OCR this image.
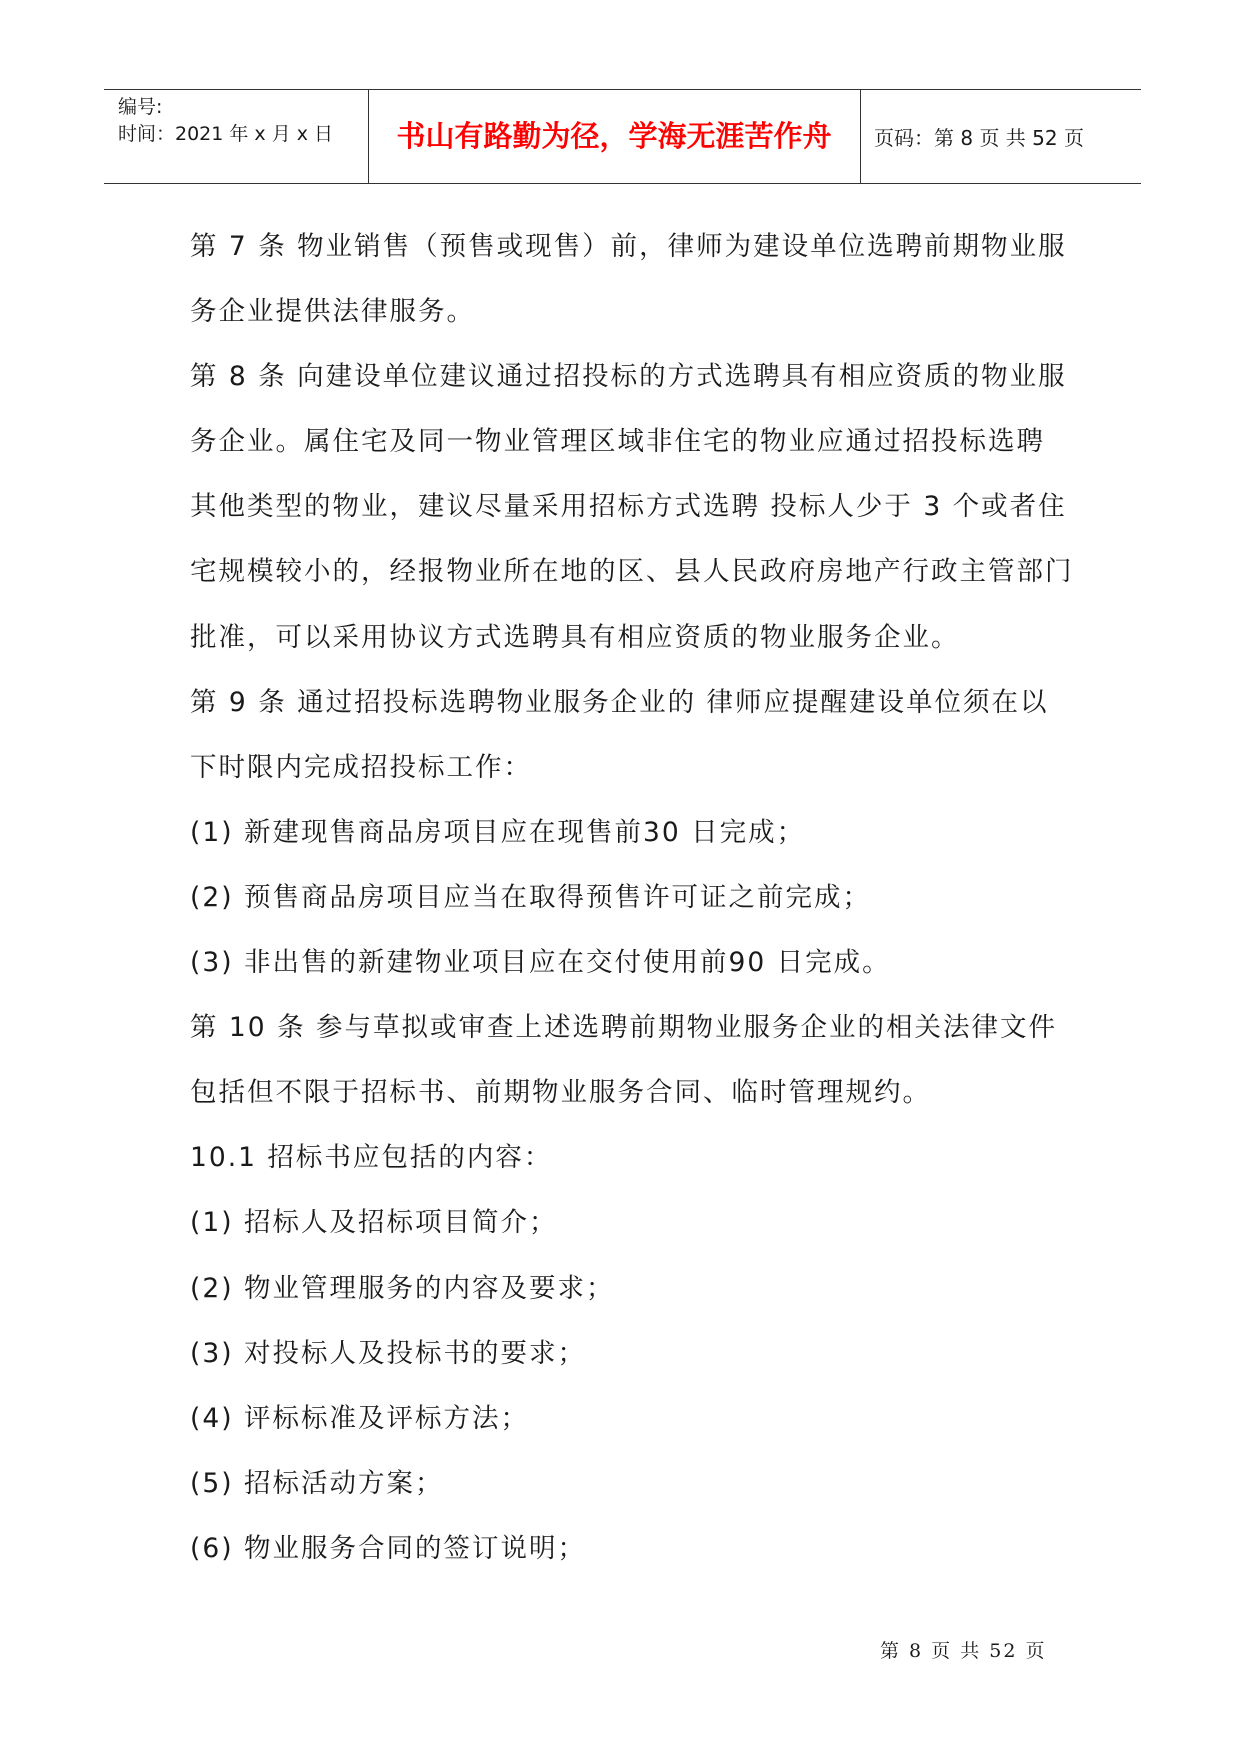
编号:
时间：2021 年 x 月 x 日	书山有路勤为径，学海无涯苦作舟	页码：第 8 页 共 52 页
第 7 条 物业销售（预售或现售）前，律师为建设单位选聘前期物业服
务企业提供法律服务。
第 8 条 向建设单位建议通过招投标的方式选聘具有相应资质的物业服
务企业。属住宅及同一物业管理区域非住宅的物业应通过招投标选聘
其他类型的物业，建议尽量采用招标方式选聘 投标人少于 3 个或者住
宅规模较小的，经报物业所在地的区、县人民政府房地产行政主管部门
批准，可以采用协议方式选聘具有相应资质的物业服务企业。
第 9 条 通过招投标选聘物业服务企业的 律师应提醒建设单位须在以
下时限内完成招投标工作：
(1) 新建现售商品房项目应在现售前30 日完成；
(2) 预售商品房项目应当在取得预售许可证之前完成；
(3) 非出售的新建物业项目应在交付使用前90 日完成。
第 10 条 参与草拟或审查上述选聘前期物业服务企业的相关法律文件
包括但不限于招标书、前期物业服务合同、临时管理规约。
10.1 招标书应包括的内容：
(1) 招标人及招标项目简介；
(2) 物业管理服务的内容及要求；
(3) 对投标人及投标书的要求；
(4) 评标标准及评标方法；
(5) 招标活动方案；
(6) 物业服务合同的签订说明；
第 8 页 共 52 页
